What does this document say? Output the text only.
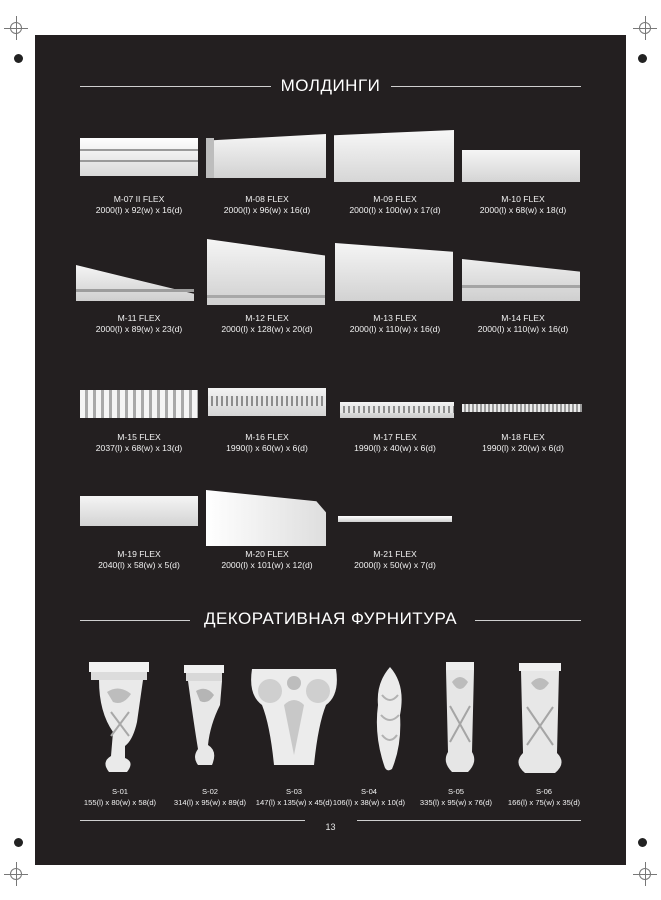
МОЛДИНГИ
M-07 II FLEX
2000(l) x 92(w) x 16(d)
M-08 FLEX
2000(l) x 96(w) x 16(d)
M-09 FLEX
2000(l) x 100(w) x 17(d)
M-10 FLEX
2000(l) x 68(w) x 18(d)
M-11 FLEX
2000(l) x 89(w) x 23(d)
M-12 FLEX
2000(l) x 128(w) x 20(d)
M-13 FLEX
2000(l) x 110(w) x 16(d)
M-14 FLEX
2000(l) x 110(w) x 16(d)
M-15 FLEX
2037(l) x 68(w) x 13(d)
M-16 FLEX
1990(l) x 60(w) x 6(d)
M-17 FLEX
1990(l) x 40(w) x 6(d)
M-18 FLEX
1990(l) x 20(w) x 6(d)
M-19 FLEX
2040(l) x 58(w) x 5(d)
M-20 FLEX
2000(l) x 101(w) x 12(d)
M-21 FLEX
2000(l) x 50(w) x 7(d)
ДЕКОРАТИВНАЯ ФУРНИТУРА
S-01
155(l) x 80(w) x 58(d)
S-02
314(l) x 95(w) x 89(d)
S-03
147(l) x 135(w) x 45(d)
S-04
106(l) x 38(w) x 10(d)
S-05
335(l) x 95(w) x 76(d)
S-06
166(l) x 75(w) x 35(d)
13
